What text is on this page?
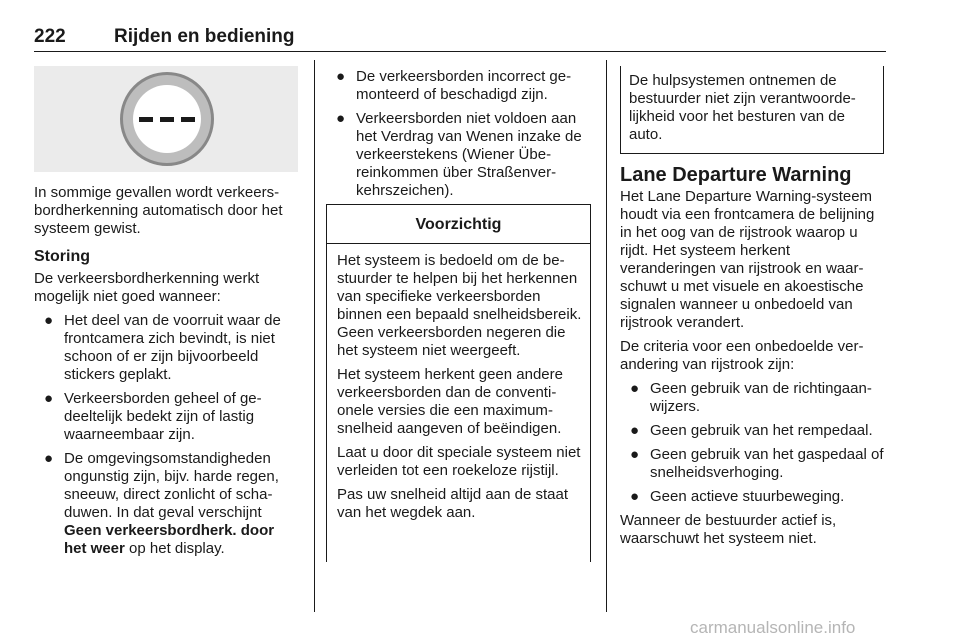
222	Rijden en bediening

In sommige gevallen wordt verkeersbordherkenning automatisch door het systeem gewist.

Storing

De verkeersbordherkenning werkt mogelijk niet goed wanneer:

● Het deel van de voorruit waar de frontcamera zich bevindt, is niet schoon of er zijn bijvoorbeeld stickers geplakt.
● Verkeersborden geheel of gedeeltelijk bedekt zijn of lastig waarneembaar zijn.
● De omgevingsomstandigheden ongunstig zijn, bijv. harde regen, sneeuw, direct zonlicht of schaduwen. In dat geval verschijnt Geen verkeersbordherk. door het weer op het display.
● De verkeersborden incorrect gemonteerd of beschadigd zijn.
● Verkeersborden niet voldoen aan het Verdrag van Wenen inzake de verkeerstekens (Wiener Übereinkommen über Straßenverkehrszeichen).
Voorzichtig

Het systeem is bedoeld om de bestuurder te helpen bij het herkennen van specifieke verkeersborden binnen een bepaald snelheidsbereik. Geen verkeersborden negeren die het systeem niet weergeeft.

Het systeem herkent geen andere verkeersborden dan de conventionele versies die een maximumsnelheid aangeven of beëindigen.

Laat u door dit speciale systeem niet verleiden tot een roekeloze rijstijl.

Pas uw snelheid altijd aan de staat van het wegdek aan.

De hulpsystemen ontnemen de bestuurder niet zijn verantwoordelijkheid voor het besturen van de auto.
Lane Departure Warning

Het Lane Departure Warning-systeem houdt via een frontcamera de belijning in het oog van de rijstrook waarop u rijdt. Het systeem herkent veranderingen van rijstrook en waarschuwt u met visuele en akoestische signalen wanneer u onbedoeld van rijstrook verandert.

De criteria voor een onbedoelde verandering van rijstrook zijn:

● Geen gebruik van de richtingaanwijzers.
● Geen gebruik van het rempedaal.
● Geen gebruik van het gaspedaal of snelheidsverhoging.
● Geen actieve stuurbeweging.

Wanneer de bestuurder actief is, waarschuwt het systeem niet.

carmanualsonline.info
